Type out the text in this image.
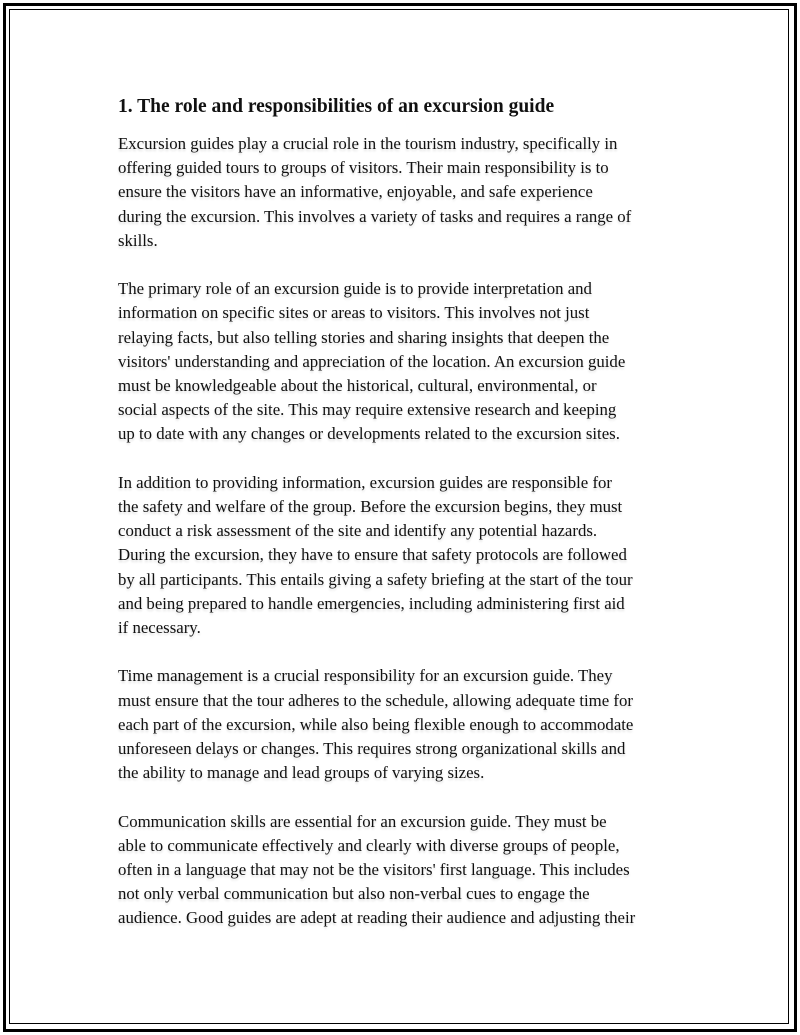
1. The role and responsibilities of an excursion guide

Excursion guides play a crucial role in the tourism industry, specifically in
offering guided tours to groups of visitors. Their main responsibility is to
ensure the visitors have an informative, enjoyable, and safe experience
during the excursion. This involves a variety of tasks and requires a range of
skills.

The primary role of an excursion guide is to provide interpretation and
information on specific sites or areas to visitors. This involves not just
relaying facts, but also telling stories and sharing insights that deepen the
visitors' understanding and appreciation of the location. An excursion guide
must be knowledgeable about the historical, cultural, environmental, or
social aspects of the site. This may require extensive research and keeping
up to date with any changes or developments related to the excursion sites.

In addition to providing information, excursion guides are responsible for
the safety and welfare of the group. Before the excursion begins, they must
conduct a risk assessment of the site and identify any potential hazards.
During the excursion, they have to ensure that safety protocols are followed
by all participants. This entails giving a safety briefing at the start of the tour
and being prepared to handle emergencies, including administering first aid
if necessary.

Time management is a crucial responsibility for an excursion guide. They
must ensure that the tour adheres to the schedule, allowing adequate time for
each part of the excursion, while also being flexible enough to accommodate
unforeseen delays or changes. This requires strong organizational skills and
the ability to manage and lead groups of varying sizes.

Communication skills are essential for an excursion guide. They must be
able to communicate effectively and clearly with diverse groups of people,
often in a language that may not be the visitors' first language. This includes
not only verbal communication but also non-verbal cues to engage the
audience. Good guides are adept at reading their audience and adjusting their
